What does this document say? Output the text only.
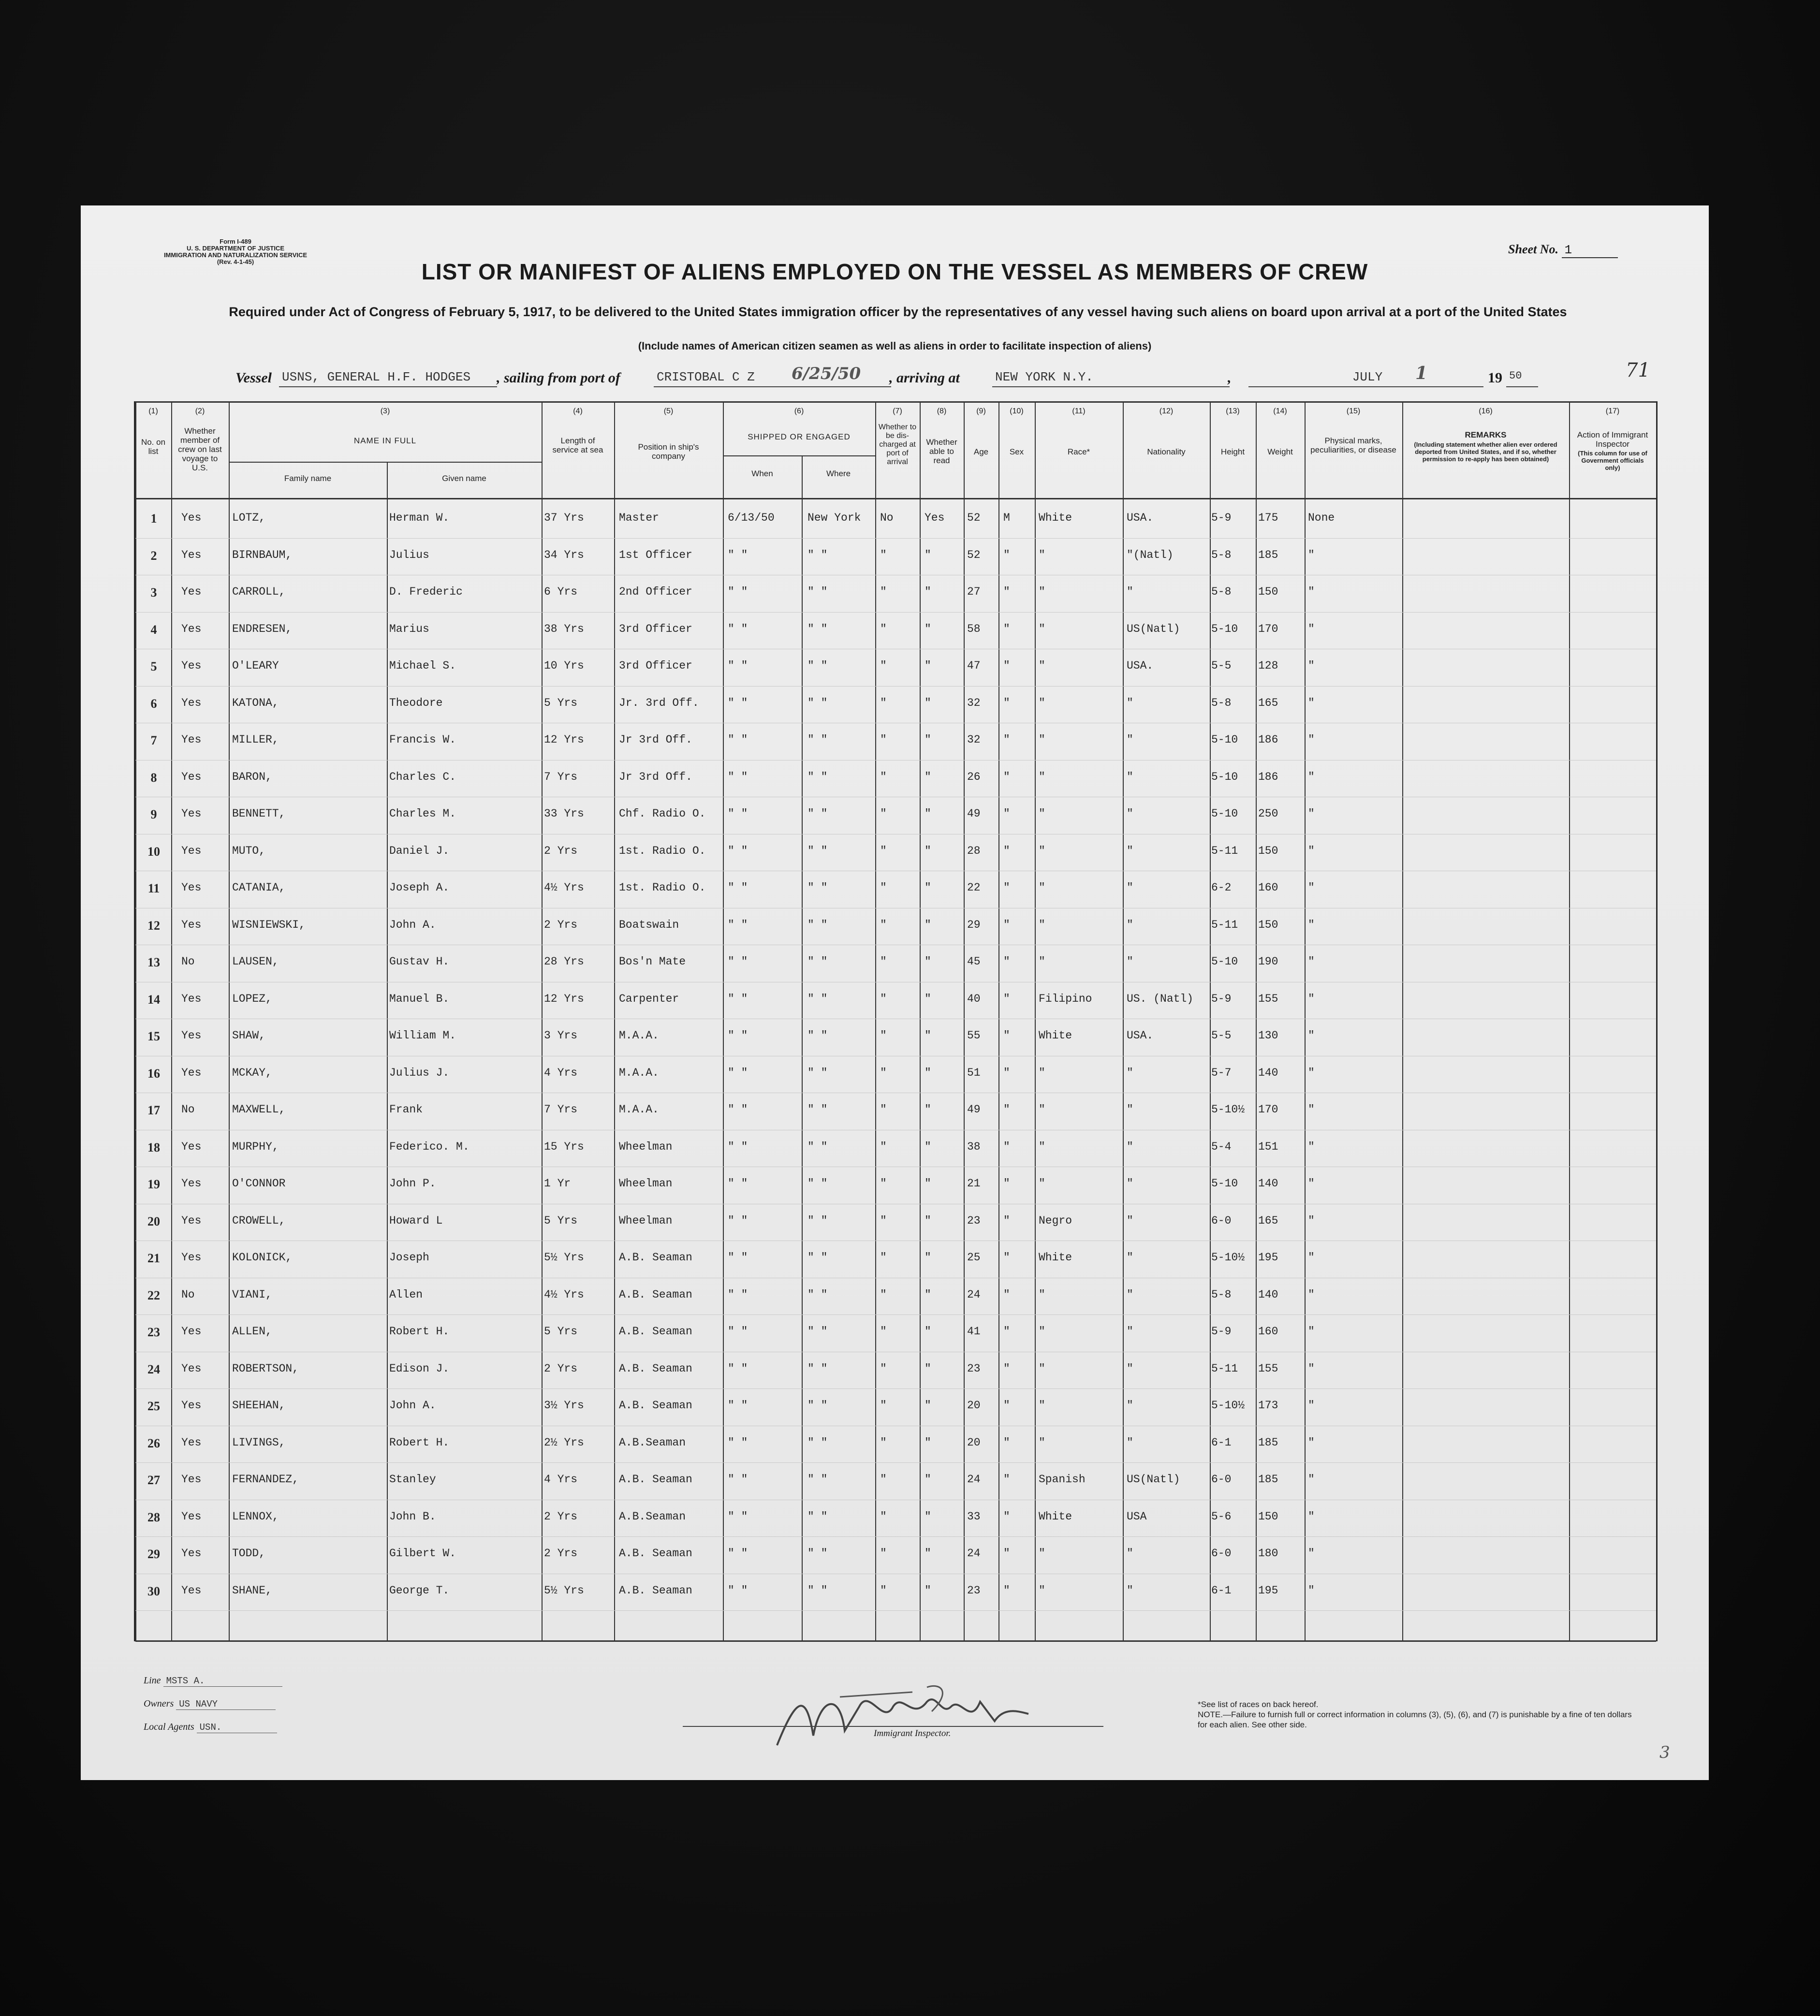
Form I-489
U. S. DEPARTMENT OF JUSTICE
IMMIGRATION AND NATURALIZATION SERVICE
(Rev. 4-1-45)
Sheet No. 1
LIST OR MANIFEST OF ALIENS EMPLOYED ON THE VESSEL AS MEMBERS OF CREW
Required under Act of Congress of February 5, 1917, to be delivered to the United States immigration officer by the representatives of any vessel having such aliens on board upon arrival at a port of the United States
(Include names of American citizen seamen as well as aliens in order to facilitate inspection of aliens)
Vessel USNS, GENERAL H.F. HODGES	, sailing from port of	CRISTOBAL C Z	6/25/50 , arriving at	NEW YORK N.Y.	,	JULY	1	19 50	71
(1)	(2)	(3)	(4)	(5)	(6)	(7)	(8)	(9)	(10)	(11)	(12)	(13)	(14)	(15)	(16)	(17)
No. on list
Whether member of crew on last voyage to U.S.
NAME IN FULL
Family name	Given name
Length of service at sea	Position in ship's company
SHIPPED OR ENGAGED
When	Where
Whether to be dis-charged at port of arrival
Whether able to read
Age	Sex	Race*	Nationality	Height	Weight
Physical marks, peculiarities, or disease
REMARKS
(Including statement whether alien ever ordered deported from United States, and if so, whether permission to re-apply has been obtained)
Action of Immigrant Inspector
(This column for use of Government officials only)
1	Yes	LOTZ,	Herman W.	37 Yrs	Master	6/13/50	New York	No	Yes	52	M	White	USA.	5-9	175	None
2	Yes	BIRNBAUM,	Julius	34 Yrs	1st Officer	" "	" "	"	"	52	"	"	"(Natl)	5-8	185	"
3	Yes	CARROLL,	D. Frederic	6 Yrs	2nd Officer	" "	" "	"	"	27	"	"	"	5-8	150	"
4	Yes	ENDRESEN,	Marius	38 Yrs	3rd Officer	" "	" "	"	"	58	"	"	US(Natl)	5-10	170	"
5	Yes	O'LEARY	Michael S.	10 Yrs	3rd Officer	" "	" "	"	"	47	"	"	USA.	5-5	128	"
6	Yes	KATONA,	Theodore	5 Yrs	Jr. 3rd Off.	" "	" "	"	"	32	"	"	"	5-8	165	"
7	Yes	MILLER,	Francis W.	12 Yrs	Jr 3rd Off.	" "	" "	"	"	32	"	"	"	5-10	186	"
8	Yes	BARON,	Charles C.	7 Yrs	Jr 3rd Off.	" "	" "	"	"	26	"	"	"	5-10	186	"
9	Yes	BENNETT,	Charles M.	33 Yrs	Chf. Radio O.	" "	" "	"	"	49	"	"	"	5-10	250	"
10	Yes	MUTO,	Daniel J.	2 Yrs	1st. Radio O.	" "	" "	"	"	28	"	"	"	5-11	150	"
11	Yes	CATANIA,	Joseph A.	4½ Yrs	1st. Radio O.	" "	" "	"	"	22	"	"	"	6-2	160	"
12	Yes	WISNIEWSKI,	John A.	2 Yrs	Boatswain	" "	" "	"	"	29	"	"	"	5-11	150	"
13	No	LAUSEN,	Gustav H.	28 Yrs	Bos'n Mate	" "	" "	"	"	45	"	"	"	5-10	190	"
14	Yes	LOPEZ,	Manuel B.	12 Yrs	Carpenter	" "	" "	"	"	40	"	Filipino	US. (Natl)	5-9	155	"
15	Yes	SHAW,	William M.	3 Yrs	M.A.A.	" "	" "	"	"	55	"	White	USA.	5-5	130	"
16	Yes	MCKAY,	Julius J.	4 Yrs	M.A.A.	" "	" "	"	"	51	"	"	"	5-7	140	"
17	No	MAXWELL,	Frank	7 Yrs	M.A.A.	" "	" "	"	"	49	"	"	"	5-10½	170	"
18	Yes	MURPHY,	Federico. M.	15 Yrs	Wheelman	" "	" "	"	"	38	"	"	"	5-4	151	"
19	Yes	O'CONNOR	John P.	1 Yr	Wheelman	" "	" "	"	"	21	"	"	"	5-10	140	"
20	Yes	CROWELL,	Howard L	5 Yrs	Wheelman	" "	" "	"	"	23	"	Negro	"	6-0	165	"
21	Yes	KOLONICK,	Joseph	5½ Yrs	A.B. Seaman	" "	" "	"	"	25	"	White	"	5-10½	195	"
22	No	VIANI,	Allen	4½ Yrs	A.B. Seaman	" "	" "	"	"	24	"	"	"	5-8	140	"
23	Yes	ALLEN,	Robert H.	5 Yrs	A.B. Seaman	" "	" "	"	"	41	"	"	"	5-9	160	"
24	Yes	ROBERTSON,	Edison J.	2 Yrs	A.B. Seaman	" "	" "	"	"	23	"	"	"	5-11	155	"
25	Yes	SHEEHAN,	John A.	3½ Yrs	A.B. Seaman	" "	" "	"	"	20	"	"	"	5-10½	173	"
26	Yes	LIVINGS,	Robert H.	2½ Yrs	A.B.Seaman	" "	" "	"	"	20	"	"	"	6-1	185	"
27	Yes	FERNANDEZ,	Stanley	4 Yrs	A.B. Seaman	" "	" "	"	"	24	"	Spanish	US(Natl)	6-0	185	"
28	Yes	LENNOX,	John B.	2 Yrs	A.B.Seaman	" "	" "	"	"	33	"	White	USA	5-6	150	"
29	Yes	TODD,	Gilbert W.	2 Yrs	A.B. Seaman	" "	" "	"	"	24	"	"	"	6-0	180	"
30	Yes	SHANE,	George T.	5½ Yrs	A.B. Seaman	" "	" "	"	"	23	"	"	"	6-1	195	"
Line MSTS A.
Owners US NAVY
Local Agents USN.
Immigrant Inspector.
*See list of races on back hereof.
NOTE.—Failure to furnish full or correct information in columns (3), (5), (6), and (7) is punishable by a fine of ten dollars for each alien. See other side.
3
